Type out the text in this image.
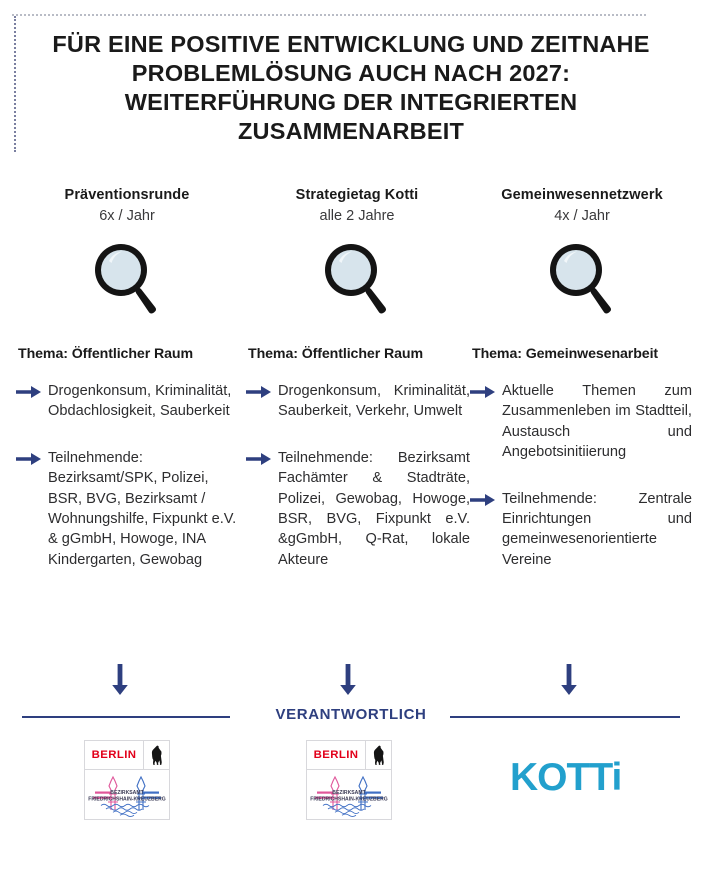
FÜR EINE POSITIVE ENTWICKLUNG UND ZEITNAHE PROBLEMLÖSUNG AUCH NACH 2027: WEITERFÜHRUNG DER INTEGRIERTEN ZUSAMMENARBEIT
Präventionsrunde
6x / Jahr
Strategietag Kotti
alle 2 Jahre
Gemeinwesennetzwerk
4x / Jahr
Thema: Öffentlicher Raum	Thema: Öffentlicher Raum	Thema: Gemeinwesenarbeit

Drogenkonsum, Kriminalität, Obdachlosigkeit, Sauberkeit

Teilnehmende: Bezirksamt/SPK, Polizei, BSR, BVG, Bezirksamt / Wohnungshilfe, Fixpunkt e.V. & gGmbH, Howoge, INA Kindergarten, Gewobag

Drogenkonsum, Kriminalität, Sauberkeit, Verkehr, Umwelt

Teilnehmende: Bezirksamt Fachämter & Stadträte, Polizei, Gewobag, Howoge, BSR, BVG, Fixpunkt e.V. &gGmbH, Q-Rat, lokale Akteure

Aktuelle Themen zum Zusammenleben im Stadtteil, Austausch und Angebotsinitiierung

Teilnehmende: Zentrale Einrichtungen und gemeinwesenorientierte Vereine

VERANTWORTLICH
BERLIN
BEZIRKSAMT
FRIEDRICHSHAIN-KREUZBERG
BERLIN
BEZIRKSAMT
FRIEDRICHSHAIN-KREUZBERG
KOTTi
